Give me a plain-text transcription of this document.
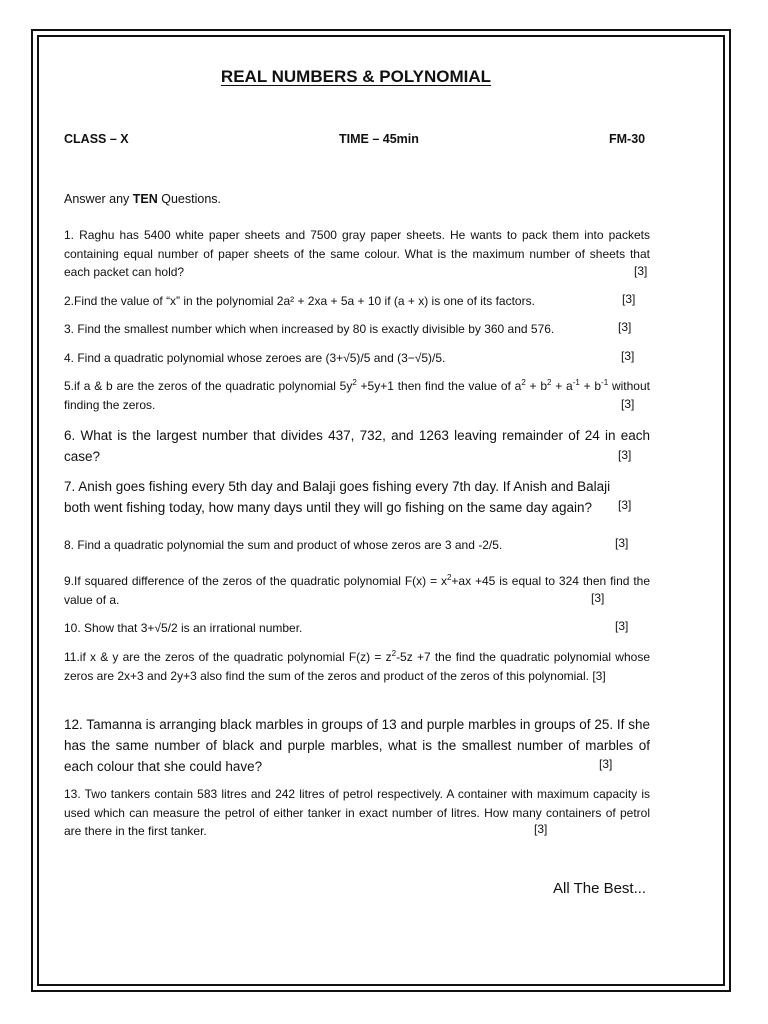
REAL NUMBERS & POLYNOMIAL
CLASS – X	TIME – 45min	FM-30
Answer any TEN Questions.
1. Raghu has 5400 white paper sheets and 7500 gray paper sheets. He wants to pack them into packets containing equal number of paper sheets of the same colour. What is the maximum number of sheets that each packet can hold?	[3]
2.Find the value of “x” in the polynomial 2a² + 2xa + 5a + 10 if (a + x) is one of its factors.	[3]
3. Find the smallest number which when increased by 80 is exactly divisible by 360 and 576.	[3]
4. Find a quadratic polynomial whose zeroes are (3+√5)/5 and (3−√5)/5.	[3]
5.if a & b are the zeros of the quadratic polynomial $5y^2 +5y+1$ then find the value of $a^2 + b^2 + a^{-1} + b^{-1}$ without finding the zeros.	[3]
6. What is the largest number that divides 437, 732, and 1263 leaving remainder of 24 in each case?	[3]
7. Anish goes fishing every 5th day and Balaji goes fishing every 7th day. If Anish and Balaji both went fishing today, how many days until they will go fishing on the same day again?	[3]
8. Find a quadratic polynomial the sum and product of whose zeros are 3 and -2/5.	[3]
9.If squared difference of the zeros of the quadratic polynomial $F(x) = x^2+ax +45$ is equal to 324 then find the value of a.	[3]
10. Show that 3+√5/2 is an irrational number.	[3]
11.if x & y are the zeros of the quadratic polynomial $F(z) = z^2-5z +7$ the find the quadratic polynomial whose zeros are 2x+3 and 2y+3 also find the sum of the zeros and product of the zeros of this polynomial. [3]
12. Tamanna is arranging black marbles in groups of 13 and purple marbles in groups of 25. If she has the same number of black and purple marbles, what is the smallest number of marbles of each colour that she could have?	[3]
13. Two tankers contain 583 litres and 242 litres of petrol respectively. A container with maximum capacity is used which can measure the petrol of either tanker in exact number of litres. How many containers of petrol are there in the first tanker.	[3]
All The Best...
